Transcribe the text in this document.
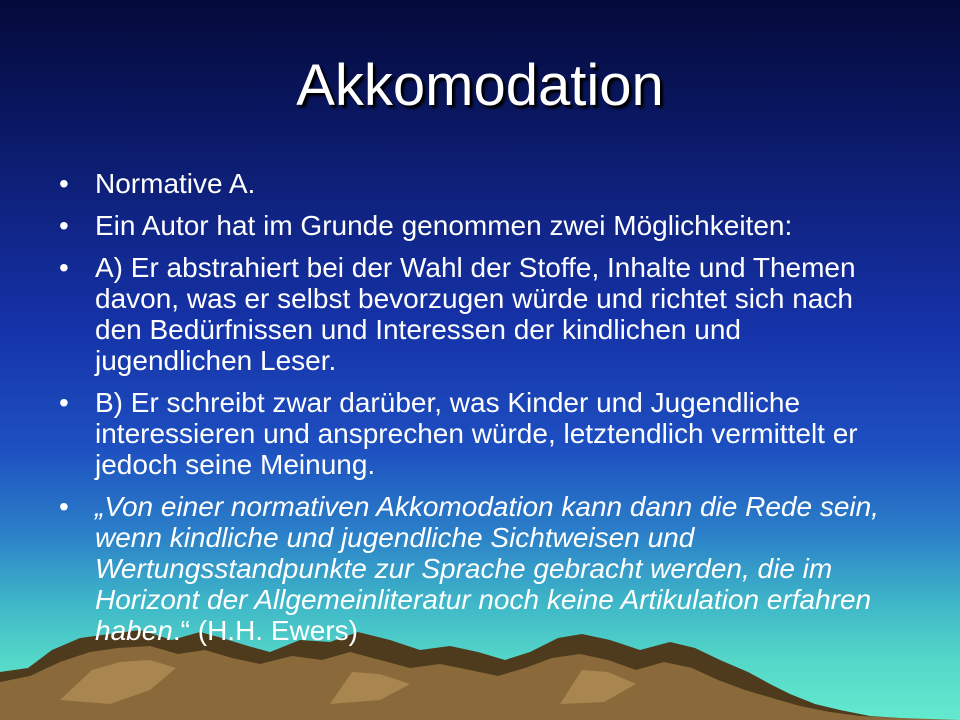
Akkomodation
• Normative A.
• Ein Autor hat im Grunde genommen zwei Möglichkeiten:
• A) Er abstrahiert bei der Wahl der Stoffe, Inhalte und Themen davon, was er selbst bevorzugen würde und richtet sich nach den Bedürfnissen und Interessen der kindlichen und jugendlichen Leser.
• B) Er schreibt zwar darüber, was Kinder und Jugendliche interessieren und ansprechen würde, letztendlich vermittelt er jedoch seine Meinung.
• „Von einer normativen Akkomodation kann dann die Rede sein, wenn kindliche und jugendliche Sichtweisen und Wertungsstandpunkte zur Sprache gebracht werden, die im Horizont der Allgemeinliteratur noch keine Artikulation erfahren haben.“ (H.H. Ewers)
